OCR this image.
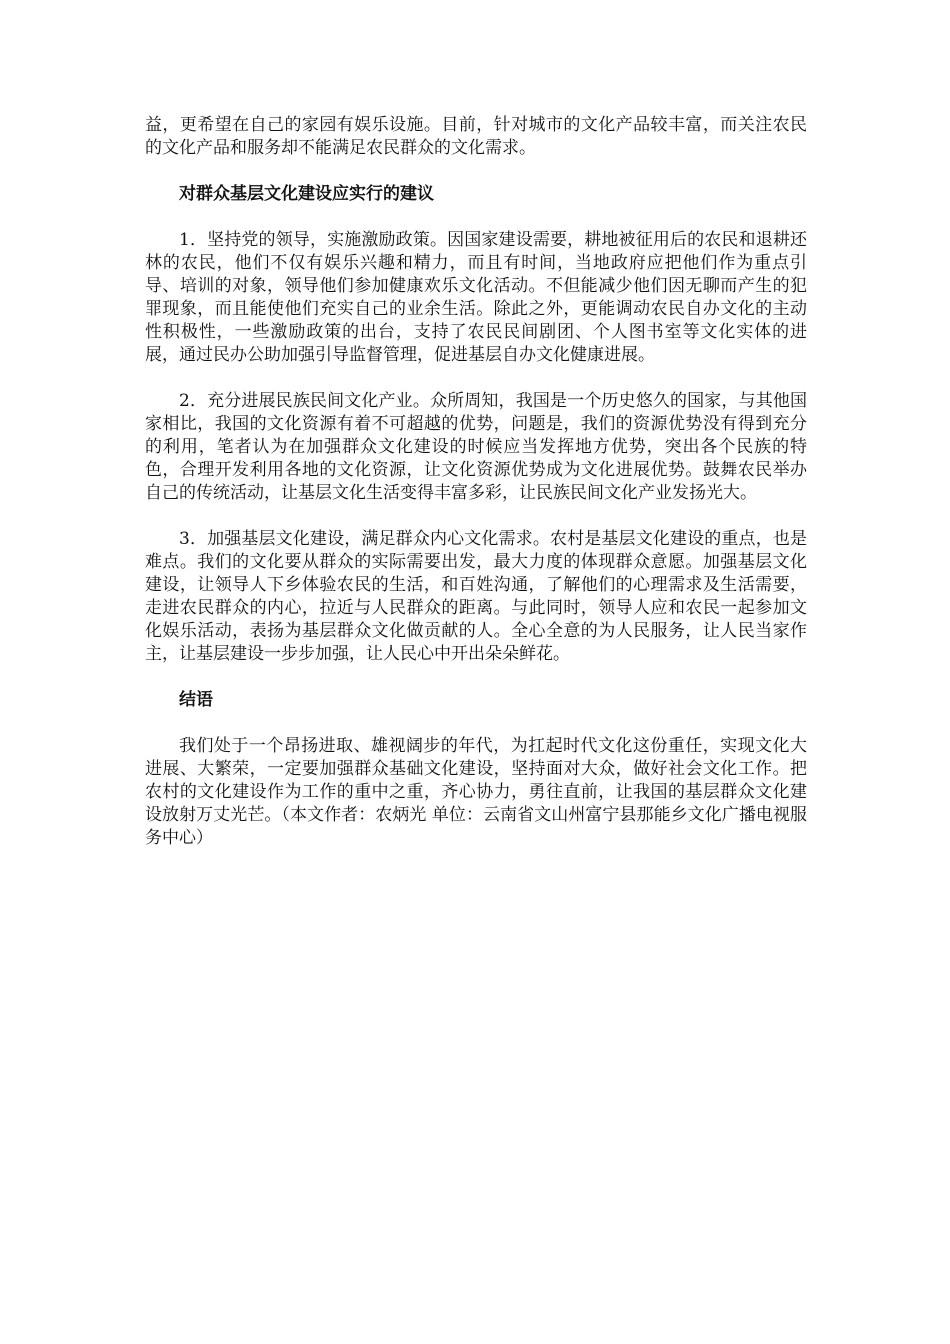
益，更希望在自己的家园有娱乐设施。目前，针对城市的文化产品较丰富，而关注农民的文化产品和服务却不能满足农民群众的文化需求。

对群众基层文化建设应实行的建议

1．坚持党的领导，实施激励政策。因国家建设需要，耕地被征用后的农民和退耕还林的农民，他们不仅有娱乐兴趣和精力，而且有时间，当地政府应把他们作为重点引导、培训的对象，领导他们参加健康欢乐文化活动。不但能减少他们因无聊而产生的犯罪现象，而且能使他们充实自己的业余生活。除此之外，更能调动农民自办文化的主动性积极性，一些激励政策的出台，支持了农民民间剧团、个人图书室等文化实体的进展，通过民办公助加强引导监督管理，促进基层自办文化健康进展。

2．充分进展民族民间文化产业。众所周知，我国是一个历史悠久的国家，与其他国家相比，我国的文化资源有着不可超越的优势，问题是，我们的资源优势没有得到充分的利用，笔者认为在加强群众文化建设的时候应当发挥地方优势，突出各个民族的特色，合理开发利用各地的文化资源，让文化资源优势成为文化进展优势。鼓舞农民举办自己的传统活动，让基层文化生活变得丰富多彩，让民族民间文化产业发扬光大。

3．加强基层文化建设，满足群众内心文化需求。农村是基层文化建设的重点，也是难点。我们的文化要从群众的实际需要出发，最大力度的体现群众意愿。加强基层文化建设，让领导人下乡体验农民的生活，和百姓沟通，了解他们的心理需求及生活需要，走进农民群众的内心，拉近与人民群众的距离。与此同时，领导人应和农民一起参加文化娱乐活动，表扬为基层群众文化做贡献的人。全心全意的为人民服务，让人民当家作主，让基层建设一步步加强，让人民心中开出朵朵鲜花。

结语

我们处于一个昂扬进取、雄视阔步的年代，为扛起时代文化这份重任，实现文化大进展、大繁荣，一定要加强群众基础文化建设，坚持面对大众，做好社会文化工作。把农村的文化建设作为工作的重中之重，齐心协力，勇往直前，让我国的基层群众文化建设放射万丈光芒。（本文作者：农炳光 单位：云南省文山州富宁县那能乡文化广播电视服务中心）
